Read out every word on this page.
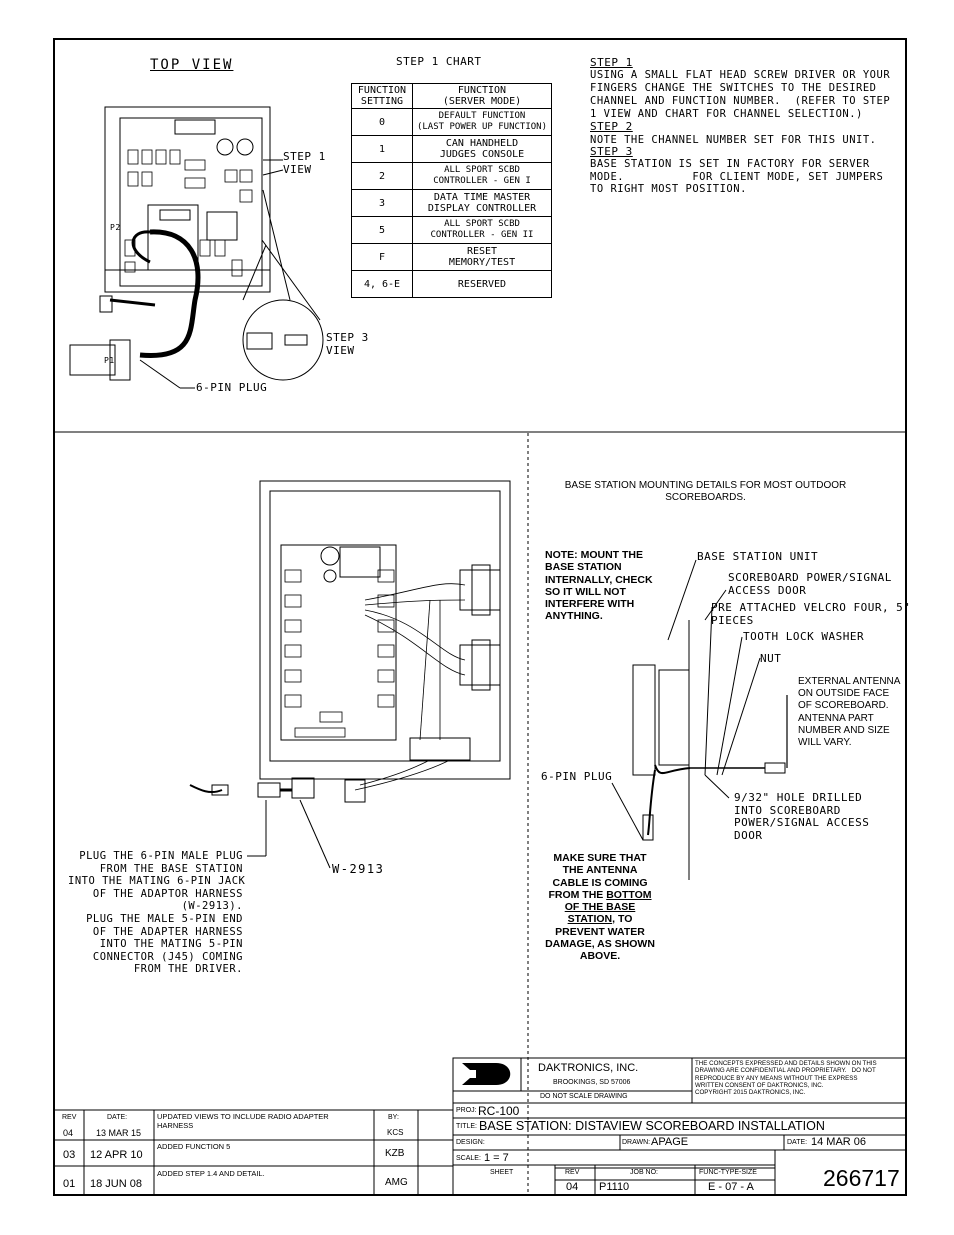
TOP VIEW
STEP 1
VIEW
STEP 3
VIEW
6-PIN PLUG
P2
P1
STEP 1 CHART
FUNCTION
SETTING	FUNCTION
(SERVER MODE)
0	DEFAULT FUNCTION
(LAST POWER UP FUNCTION)
1	CAN HANDHELD
JUDGES CONSOLE
2	ALL SPORT SCBD
CONTROLLER - GEN I
3	DATA TIME MASTER
DISPLAY CONTROLLER
5	ALL SPORT SCBD
CONTROLLER - GEN II
F	RESET
MEMORY/TEST
4, 6-E	RESERVED
STEP 1
USING A SMALL FLAT HEAD SCREW DRIVER OR YOUR
FINGERS CHANGE THE SWITCHES TO THE DESIRED
CHANNEL AND FUNCTION NUMBER.  (REFER TO STEP
1 VIEW AND CHART FOR CHANNEL SELECTION.)
STEP 2
NOTE THE CHANNEL NUMBER SET FOR THIS UNIT.
STEP 3
BASE STATION IS SET IN FACTORY FOR SERVER
MODE.          FOR CLIENT MODE, SET JUMPERS
TO RIGHT MOST POSITION.
PLUG THE 6-PIN MALE PLUG
FROM THE BASE STATION
INTO THE MATING 6-PIN JACK
OF THE ADAPTOR HARNESS
(W-2913).
PLUG THE MALE 5-PIN END
OF THE ADAPTER HARNESS
INTO THE MATING 5-PIN
CONNECTOR (J45) COMING
FROM THE DRIVER.
W-2913
BASE STATION MOUNTING DETAILS FOR MOST OUTDOOR
SCOREBOARDS.
NOTE: MOUNT THE
BASE STATION
INTERNALLY, CHECK
SO IT WILL NOT
INTERFERE WITH
ANYTHING.
BASE STATION UNIT
SCOREBOARD POWER/SIGNAL
ACCESS DOOR
PRE ATTACHED VELCRO FOUR, 5"
PIECES
TOOTH LOCK WASHER
NUT
EXTERNAL ANTENNA
ON OUTSIDE FACE
OF SCOREBOARD.
ANTENNA PART
NUMBER AND SIZE
WILL VARY.
6-PIN PLUG
9/32" HOLE DRILLED
INTO SCOREBOARD
POWER/SIGNAL ACCESS
DOOR
MAKE SURE THAT
THE ANTENNA
CABLE IS COMING
FROM THE BOTTOM
OF THE BASE
STATION, TO
PREVENT WATER
DAMAGE, AS SHOWN
ABOVE.
DAKTRONICS, INC.
BROOKINGS, SD 57006
DO NOT SCALE DRAWING
THE CONCEPTS EXPRESSED AND DETAILS SHOWN ON THIS
DRAWING ARE CONFIDENTIAL AND PROPRIETARY.   DO NOT
REPRODUCE BY ANY MEANS WITHOUT THE EXPRESS
WRITTEN CONSENT OF DAKTRONICS, INC.
COPYRIGHT 2015 DAKTRONICS, INC.
PROJ: RC-100
TITLE: BASE STATION: DISTAVIEW SCOREBOARD INSTALLATION
DESIGN:	DRAWN: APAGE	DATE: 14 MAR 06
SCALE: 1 = 7
SHEET	REV	JOB NO:	FUNC-TYPE-SIZE
04 P1110	E - 07 - A	266717
REV	DATE:	BY:
04	13 MAR 15
UPDATED VIEWS TO INCLUDE RADIO ADAPTER
HARNESS
KCS
03 12 APR 10
ADDED FUNCTION 5
KZB
01 18 JUN 08
ADDED STEP 1.4 AND DETAIL.
AMG
